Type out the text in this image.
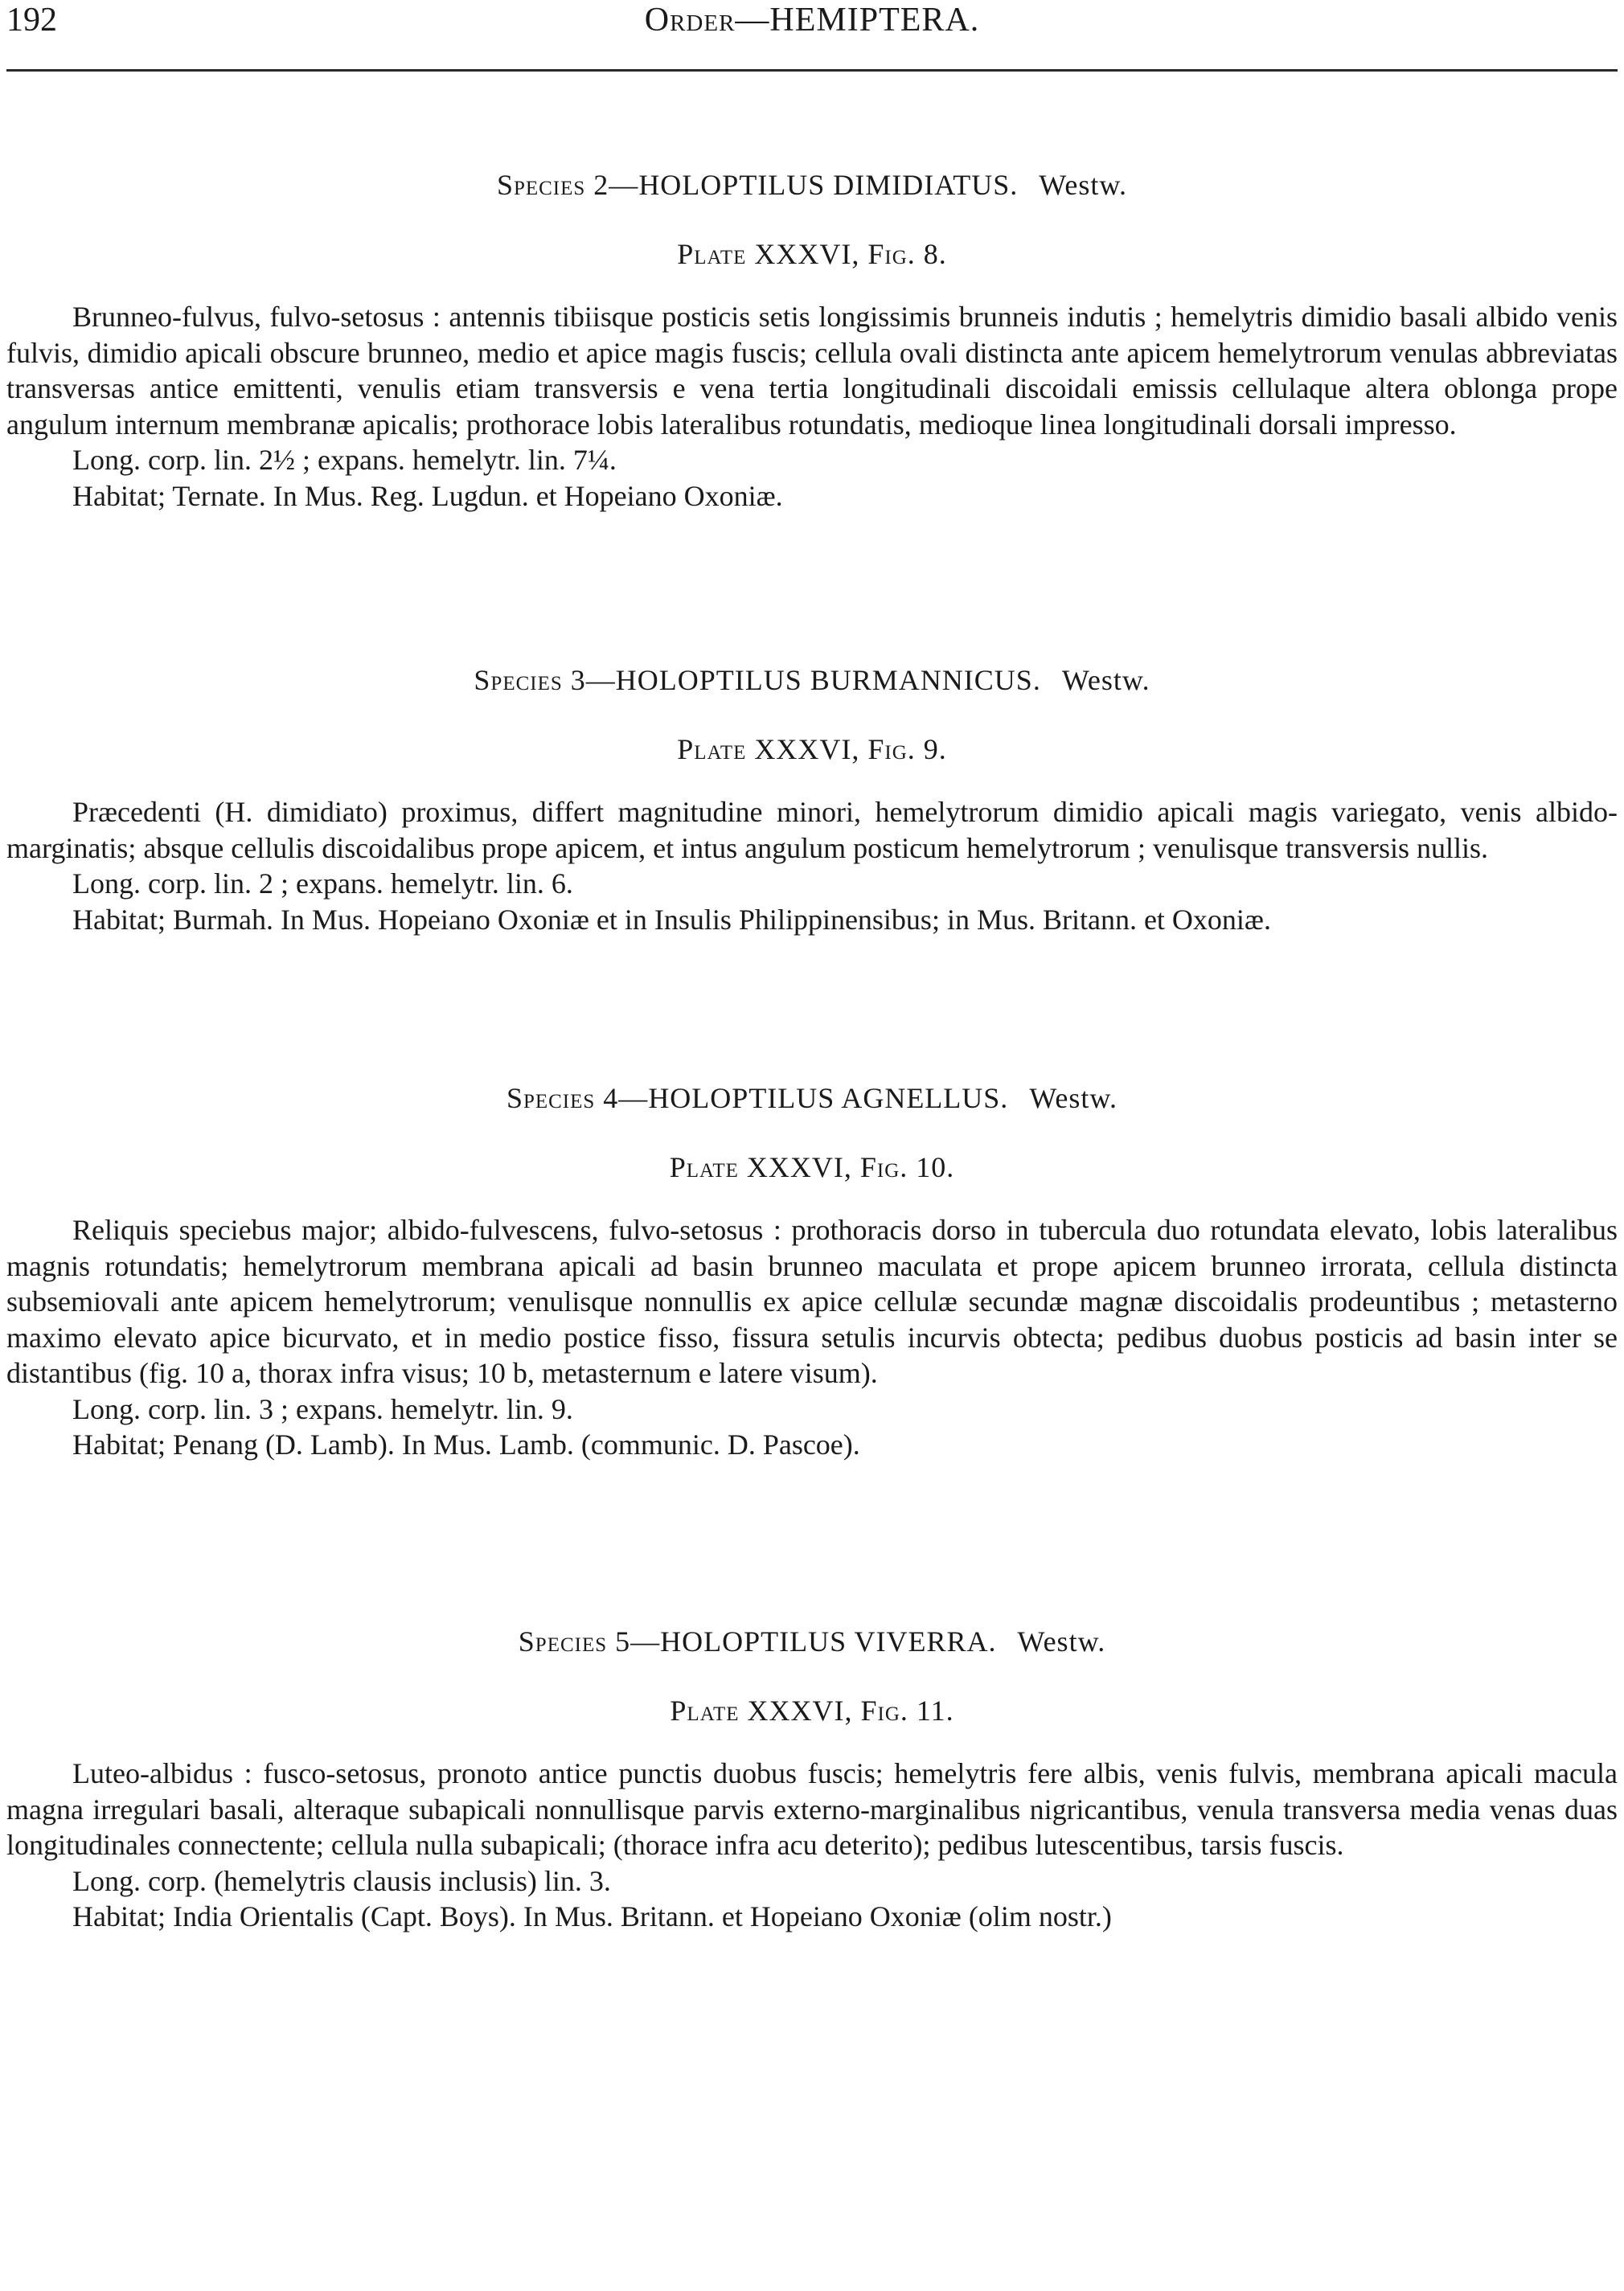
192	Order—HEMIPTERA.
Species 2—HOLOPTILUS DIMIDIATUS. Westw.
Plate XXXVI, Fig. 8.

Brunneo-fulvus, fulvo-setosus : antennis tibiisque posticis setis longissimis brunneis indutis ; hemelytris dimidio basali albido venis fulvis, dimidio apicali obscure brunneo, medio et apice magis fuscis; cellula ovali distincta ante apicem hemelytrorum venulas abbreviatas transversas antice emittenti, venulis etiam transversis e vena tertia longitudinali discoidali emissis cellulaque altera oblonga prope angulum internum membranæ apicalis; prothorace lobis lateralibus rotundatis, medioque linea longitudinali dorsali impresso.

Long. corp. lin. 2½ ; expans. hemelytr. lin. 7¼.

Habitat; Ternate. In Mus. Reg. Lugdun. et Hopeiano Oxoniæ.

Species 3—HOLOPTILUS BURMANNICUS. Westw.
Plate XXXVI, Fig. 9.

Præcedenti (H. dimidiato) proximus, differt magnitudine minori, hemelytrorum dimidio apicali magis variegato, venis albido-marginatis; absque cellulis discoidalibus prope apicem, et intus angulum posticum hemelytrorum ; venulisque transversis nullis.

Long. corp. lin. 2 ; expans. hemelytr. lin. 6.

Habitat; Burmah. In Mus. Hopeiano Oxoniæ et in Insulis Philippinensibus; in Mus. Britann. et Oxoniæ.

Species 4—HOLOPTILUS AGNELLUS. Westw.
Plate XXXVI, Fig. 10.

Reliquis speciebus major; albido-fulvescens, fulvo-setosus : prothoracis dorso in tubercula duo rotundata elevato, lobis lateralibus magnis rotundatis; hemelytrorum membrana apicali ad basin brunneo maculata et prope apicem brunneo irrorata, cellula distincta subsemiovali ante apicem hemelytrorum; venulisque nonnullis ex apice cellulæ secundæ magnæ discoidalis prodeuntibus ; metasterno maximo elevato apice bicurvato, et in medio postice fisso, fissura setulis incurvis obtecta; pedibus duobus posticis ad basin inter se distantibus (fig. 10 a, thorax infra visus; 10 b, metasternum e latere visum).

Long. corp. lin. 3 ; expans. hemelytr. lin. 9.

Habitat; Penang (D. Lamb). In Mus. Lamb. (communic. D. Pascoe).

Species 5—HOLOPTILUS VIVERRA. Westw.
Plate XXXVI, Fig. 11.

Luteo-albidus : fusco-setosus, pronoto antice punctis duobus fuscis; hemelytris fere albis, venis fulvis, membrana apicali macula magna irregulari basali, alteraque subapicali nonnullisque parvis externo-marginalibus nigricantibus, venula transversa media venas duas longitudinales connectente; cellula nulla subapicali; (thorace infra acu deterito); pedibus lutescentibus, tarsis fuscis.

Long. corp. (hemelytris clausis inclusis) lin. 3.

Habitat; India Orientalis (Capt. Boys). In Mus. Britann. et Hopeiano Oxoniæ (olim nostr.)
